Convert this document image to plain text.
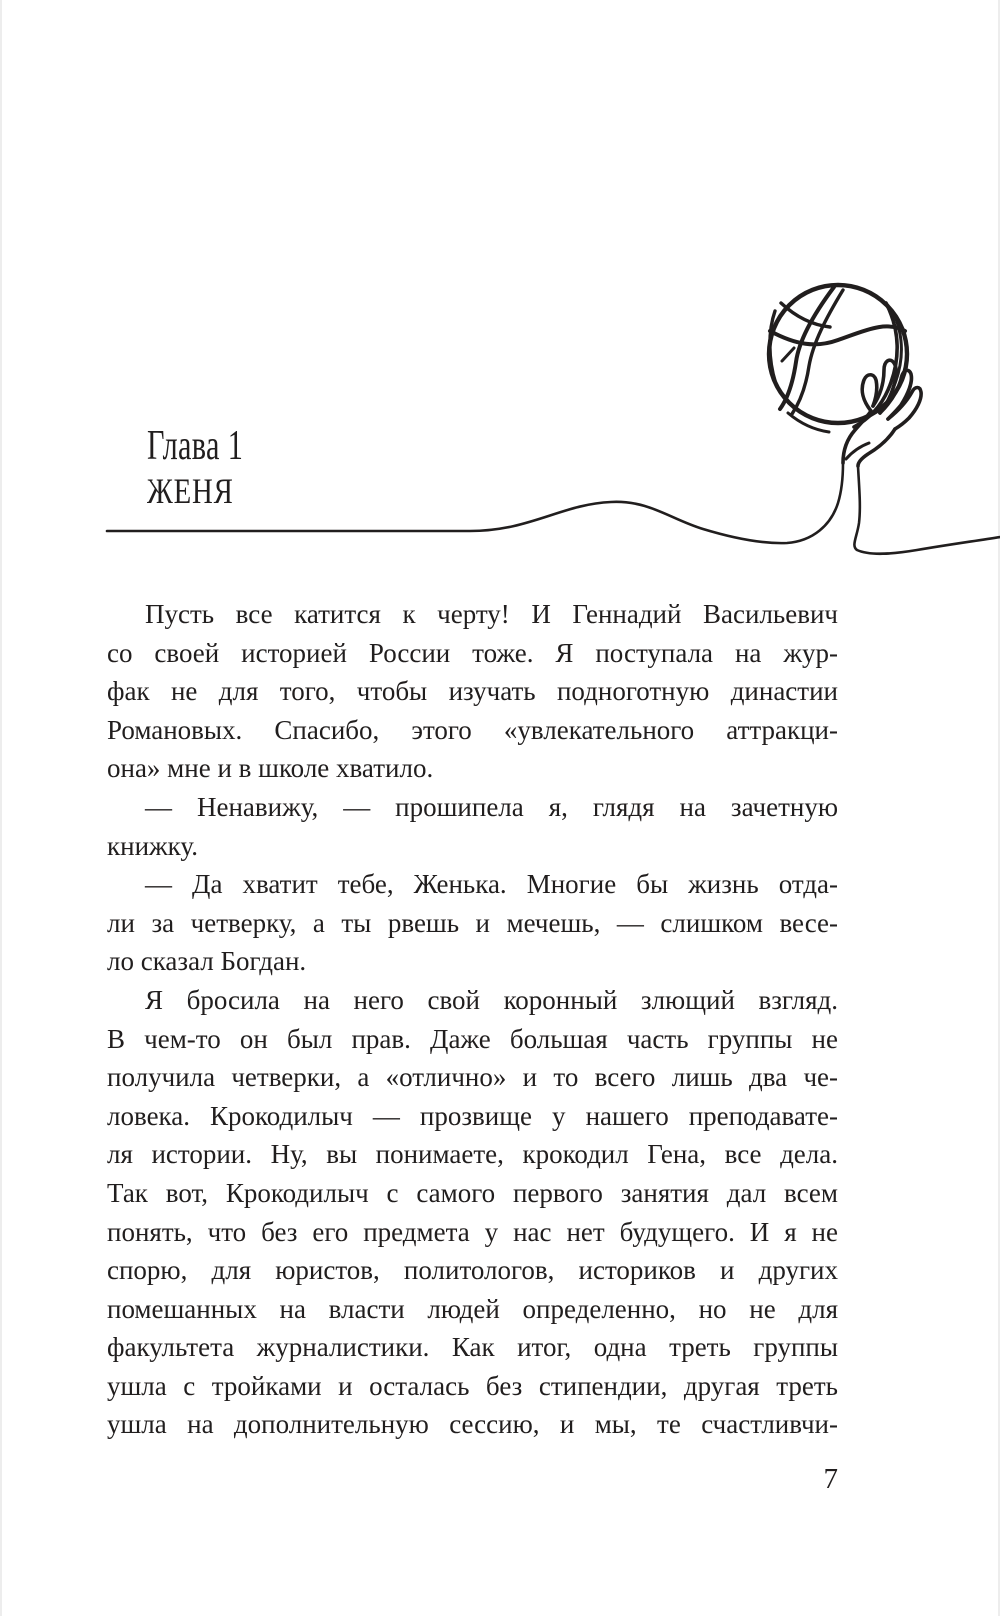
Глава 1
ЖЕНЯ
Пусть все катится к черту! И Геннадий Васильевич
со своей историей России тоже. Я поступала на жур-
фак не для того, чтобы изучать подноготную династии
Романовых. Спасибо, этого «увлекательного аттракци-
она» мне и в школе хватило.
— Ненавижу, — прошипела я, глядя на зачетную
книжку.
— Да хватит тебе, Женька. Многие бы жизнь отда-
ли за четверку, а ты рвешь и мечешь, — слишком весе-
ло сказал Богдан.
Я бросила на него свой коронный злющий взгляд.
В чем-то он был прав. Даже большая часть группы не
получила четверки, а «отлично» и то всего лишь два че-
ловека. Крокодилыч — прозвище у нашего преподавате-
ля истории. Ну, вы понимаете, крокодил Гена, все дела.
Так вот, Крокодилыч с самого первого занятия дал всем
понять, что без его предмета у нас нет будущего. И я не
спорю, для юристов, политологов, историков и других
помешанных на власти людей определенно, но не для
факультета журналистики. Как итог, одна треть группы
ушла с тройками и осталась без стипендии, другая треть
ушла на дополнительную сессию, и мы, те счастливчи-
7
